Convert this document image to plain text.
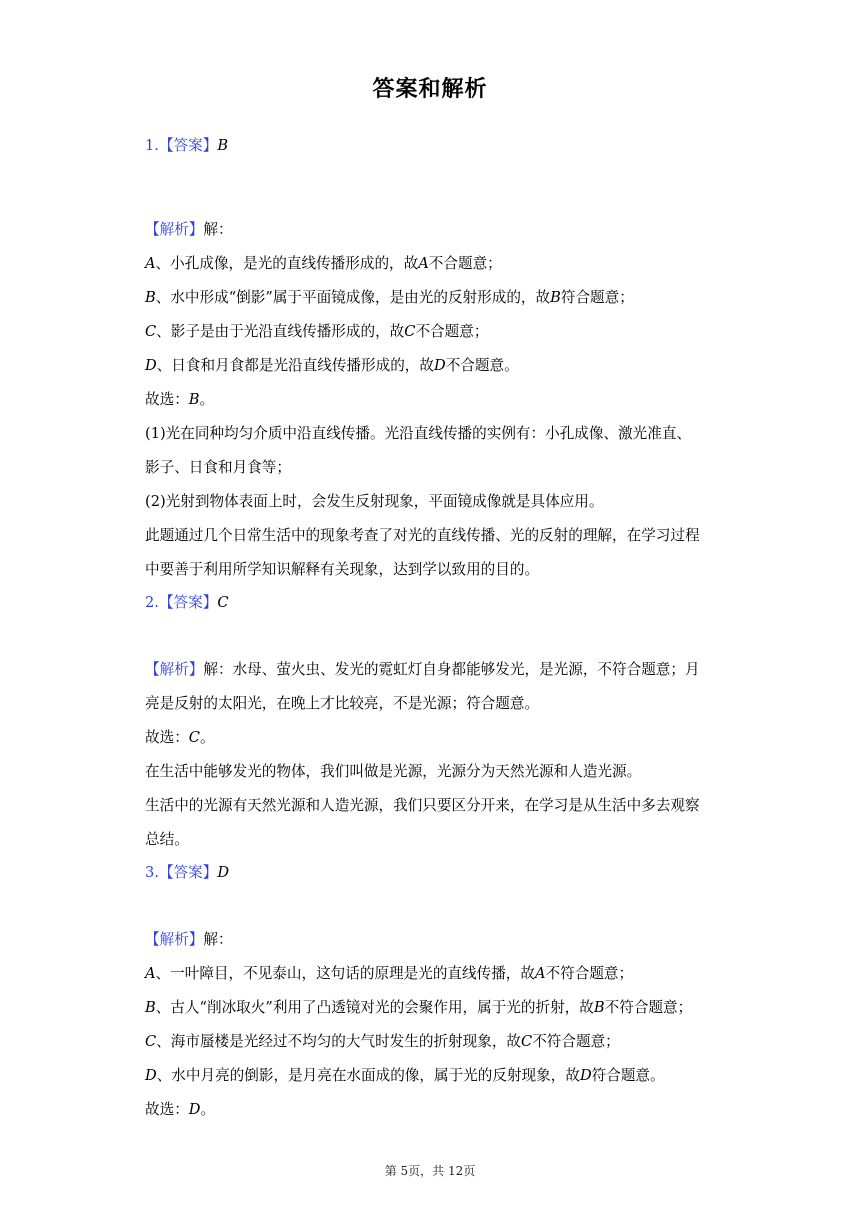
答案和解析
1.【答案】B
【解析】解：
A、小孔成像，是光的直线传播形成的，故A不合题意；
B、水中形成“倒影”属于平面镜成像，是由光的反射形成的，故B符合题意；
C、影子是由于光沿直线传播形成的，故C不合题意；
D、日食和月食都是光沿直线传播形成的，故D不合题意。
故选：B。
(1)光在同种均匀介质中沿直线传播。光沿直线传播的实例有：小孔成像、激光准直、
影子、日食和月食等；
(2)光射到物体表面上时，会发生反射现象，平面镜成像就是具体应用。
此题通过几个日常生活中的现象考查了对光的直线传播、光的反射的理解，在学习过程
中要善于利用所学知识解释有关现象，达到学以致用的目的。
2.【答案】C
【解析】解：水母、萤火虫、发光的霓虹灯自身都能够发光，是光源，不符合题意；月
亮是反射的太阳光，在晚上才比较亮，不是光源；符合题意。
故选：C。
在生活中能够发光的物体，我们叫做是光源，光源分为天然光源和人造光源。
生活中的光源有天然光源和人造光源，我们只要区分开来，在学习是从生活中多去观察
总结。
3.【答案】D
【解析】解：
A、一叶障目，不见泰山，这句话的原理是光的直线传播，故A不符合题意；
B、古人“削冰取火”利用了凸透镜对光的会聚作用，属于光的折射，故B不符合题意；
C、海市蜃楼是光经过不均匀的大气时发生的折射现象，故C不符合题意；
D、水中月亮的倒影，是月亮在水面成的像，属于光的反射现象，故D符合题意。
故选：D。
第 5页，共 12页
